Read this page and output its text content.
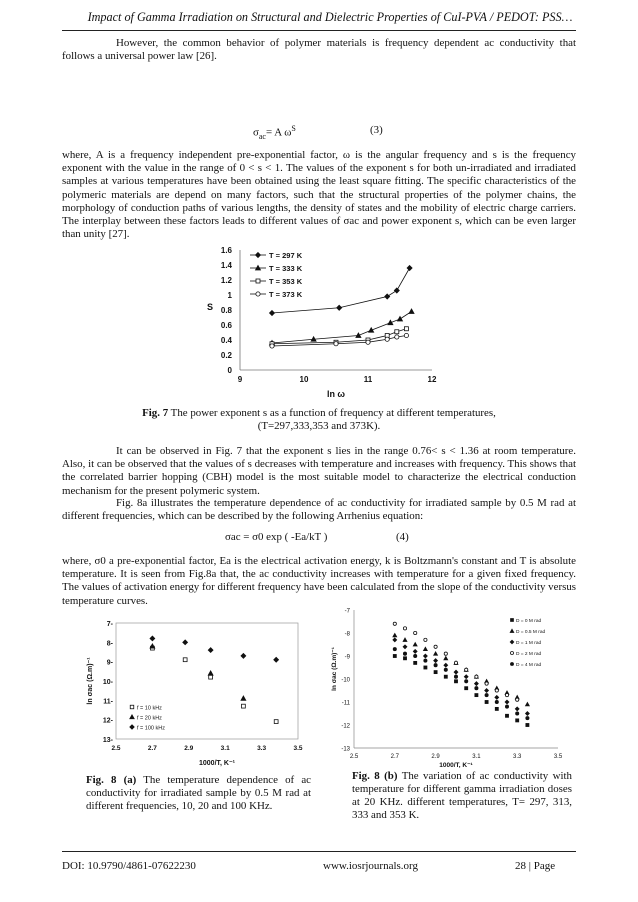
Impact of Gamma Irradiation on Structural and Dielectric Properties of CuI-PVA / PEDOT: PSS…

However, the common behavior of polymer materials is frequency dependent ac conductivity that follows a universal power law [26].

$\sigma_{ac}= A$ $\omega^S$	(3)

where, A is a frequency independent pre-exponential factor, ω is the angular frequency and s is the frequency exponent with the value in the range of 0 < s < 1. The values of the exponent s for both un-irradiated and irradiated samples at various temperatures have been obtained using the least square fitting. The specific characteristics of the polymeric materials are depend on many factors, such that the structural properties of the polymer chains, the morphology of conduction paths of various lengths, the density of states and the mobility of electric charge carriers. The interplay between these factors leads to different values of σac and power exponent s, which can be even larger than unity [27].

0
0.2
0.4
0.6
0.8
1
1.2
1.4
1.6
9	10	11	12
ln ω
S
T = 297 K
T = 333 K
T = 353 K
T = 373 K
Fig. 7 The power exponent s as a function of frequency at different temperatures,
(T=297,333,353 and 373K).

It can be observed in Fig. 7 that the exponent s lies in the range 0.76< s < 1.36 at room temperature. Also, it can be observed that the values of s decreases with temperature and increases with frequency. This shows that the correlated barrier hopping (CBH) model is the most suitable model to characterize the electrical conduction mechanism for the present polymeric system.

Fig. 8a illustrates the temperature dependence of ac conductivity for irradiated sample by 0.5 M rad at different frequencies, which can be described by the following Arrhenius equation:

σac = σ0 exp ( -Ea/kT )	(4)

where, σ0 a pre-exponential factor, Ea is the electrical activation energy, k is Boltzmann's constant and T is absolute temperature. It is seen from Fig.8a that, the ac conductivity increases with temperature for a given fixed frequency. The values of activation energy for different frequency have been calculated from the slope of the conductivity versus temperature curves.

7-
8-
9-
10-
11-
12-
13-
2.5	2.7	2.9	3.1	3.3	3.5
1000/T, K⁻¹
ln σac (Ω.m)⁻¹
f = 10 kHz
f = 20 kHz
f = 100 kHz
-7
-8
-9
-10
-11
-12
-13
2.5	2.7	2.9	3.1	3.3	3.5
1000/T, K⁻¹
ln σac (Ω.m)⁻¹
D = 0 M rad
D = 0.5 M rad
D = 1 M rad
D = 2 M rad
D = 4 M rad
Fig. 8 (a) The temperature dependence of ac conductivity for irradiated sample by 0.5 M rad at different frequencies, 10, 20 and 100 KHz.
Fig. 8 (b) The variation of ac conductivity with temperature for different gamma irradiation doses at 20 KHz. different temperatures, T= 297, 313, 333 and 353 K.
DOI: 10.9790/4861-07622230	www.iosrjournals.org	28 | Page
